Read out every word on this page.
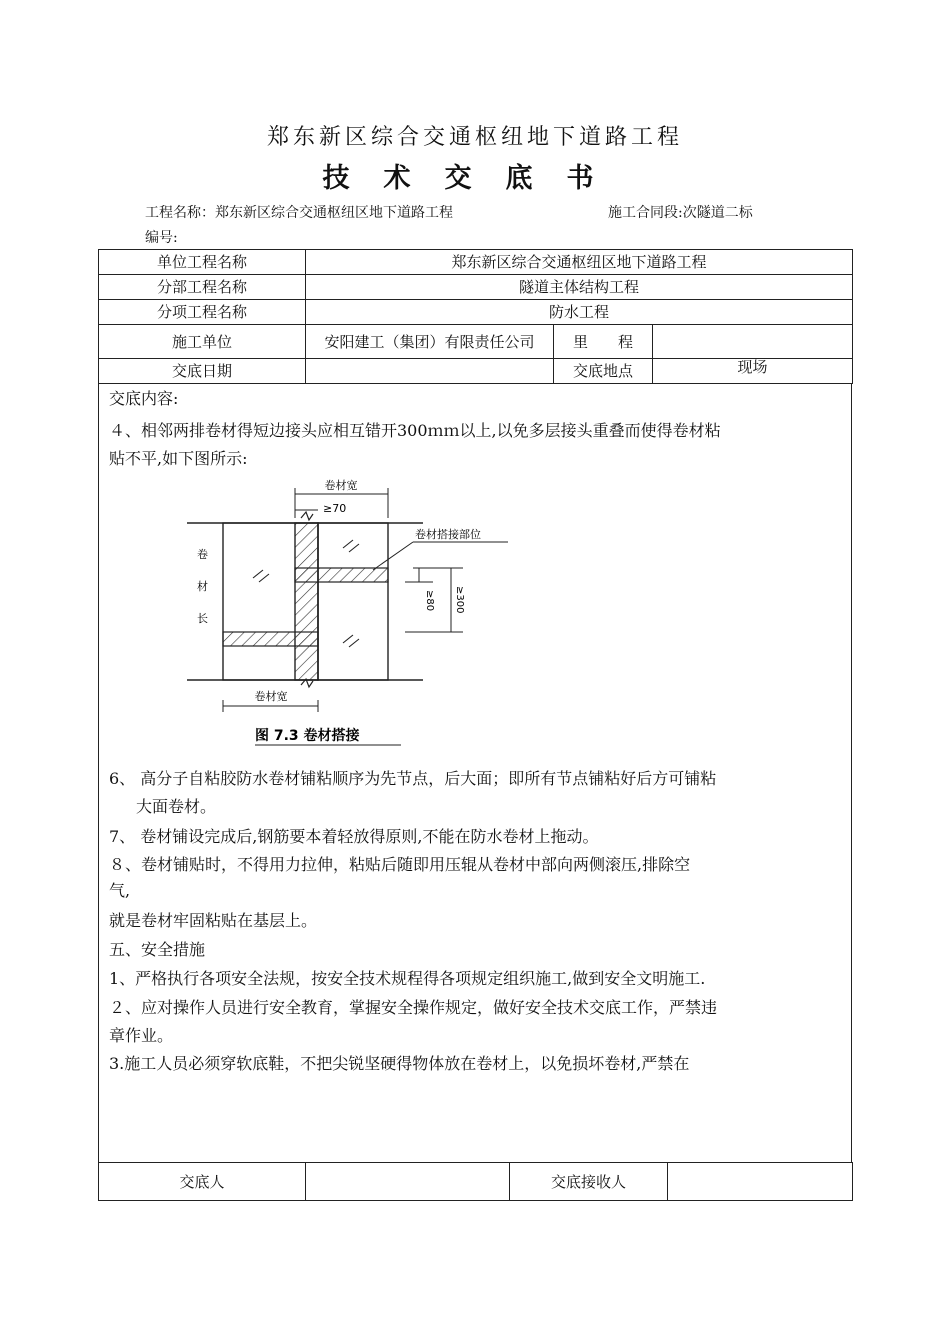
郑东新区综合交通枢纽地下道路工程
技术交底书
工程名称：郑东新区综合交通枢纽区地下道路工程	施工合同段:次隧道二标
编号:
单位工程名称	郑东新区综合交通枢纽区地下道路工程		
分部工程名称	隧道主体结构工程		
分项工程名称	防水工程		
施工单位	安阳建工（集团）有限责任公司	里　　程	
交底日期		交底地点	现场
交底内容:
４、相邻两排卷材得短边接头应相互错开300ｍｍ以上,以免多层接头重叠而使得卷材粘
贴不平,如下图所示:
卷材宽
≥70
卷材搭接部位
卷
材
长
≥80 ≥300
卷材宽
图 7.3 卷材搭接
6、 高分子自粘胶防水卷材铺粘顺序为先节点，后大面；即所有节点铺粘好后方可铺粘
大面卷材。
7、 卷材铺设完成后,钢筋要本着轻放得原则,不能在防水卷材上拖动。
８、卷材铺贴时，不得用力拉伸，粘贴后随即用压辊从卷材中部向两侧滚压,排除空
气,
就是卷材牢固粘贴在基层上。
五、安全措施
1、严格执行各项安全法规，按安全技术规程得各项规定组织施工,做到安全文明施工.
２、应对操作人员进行安全教育，掌握安全操作规定，做好安全技术交底工作，严禁违
章作业。
3.施工人员必须穿软底鞋，不把尖锐坚硬得物体放在卷材上，以免损坏卷材,严禁在
交底人		交底接收人	
